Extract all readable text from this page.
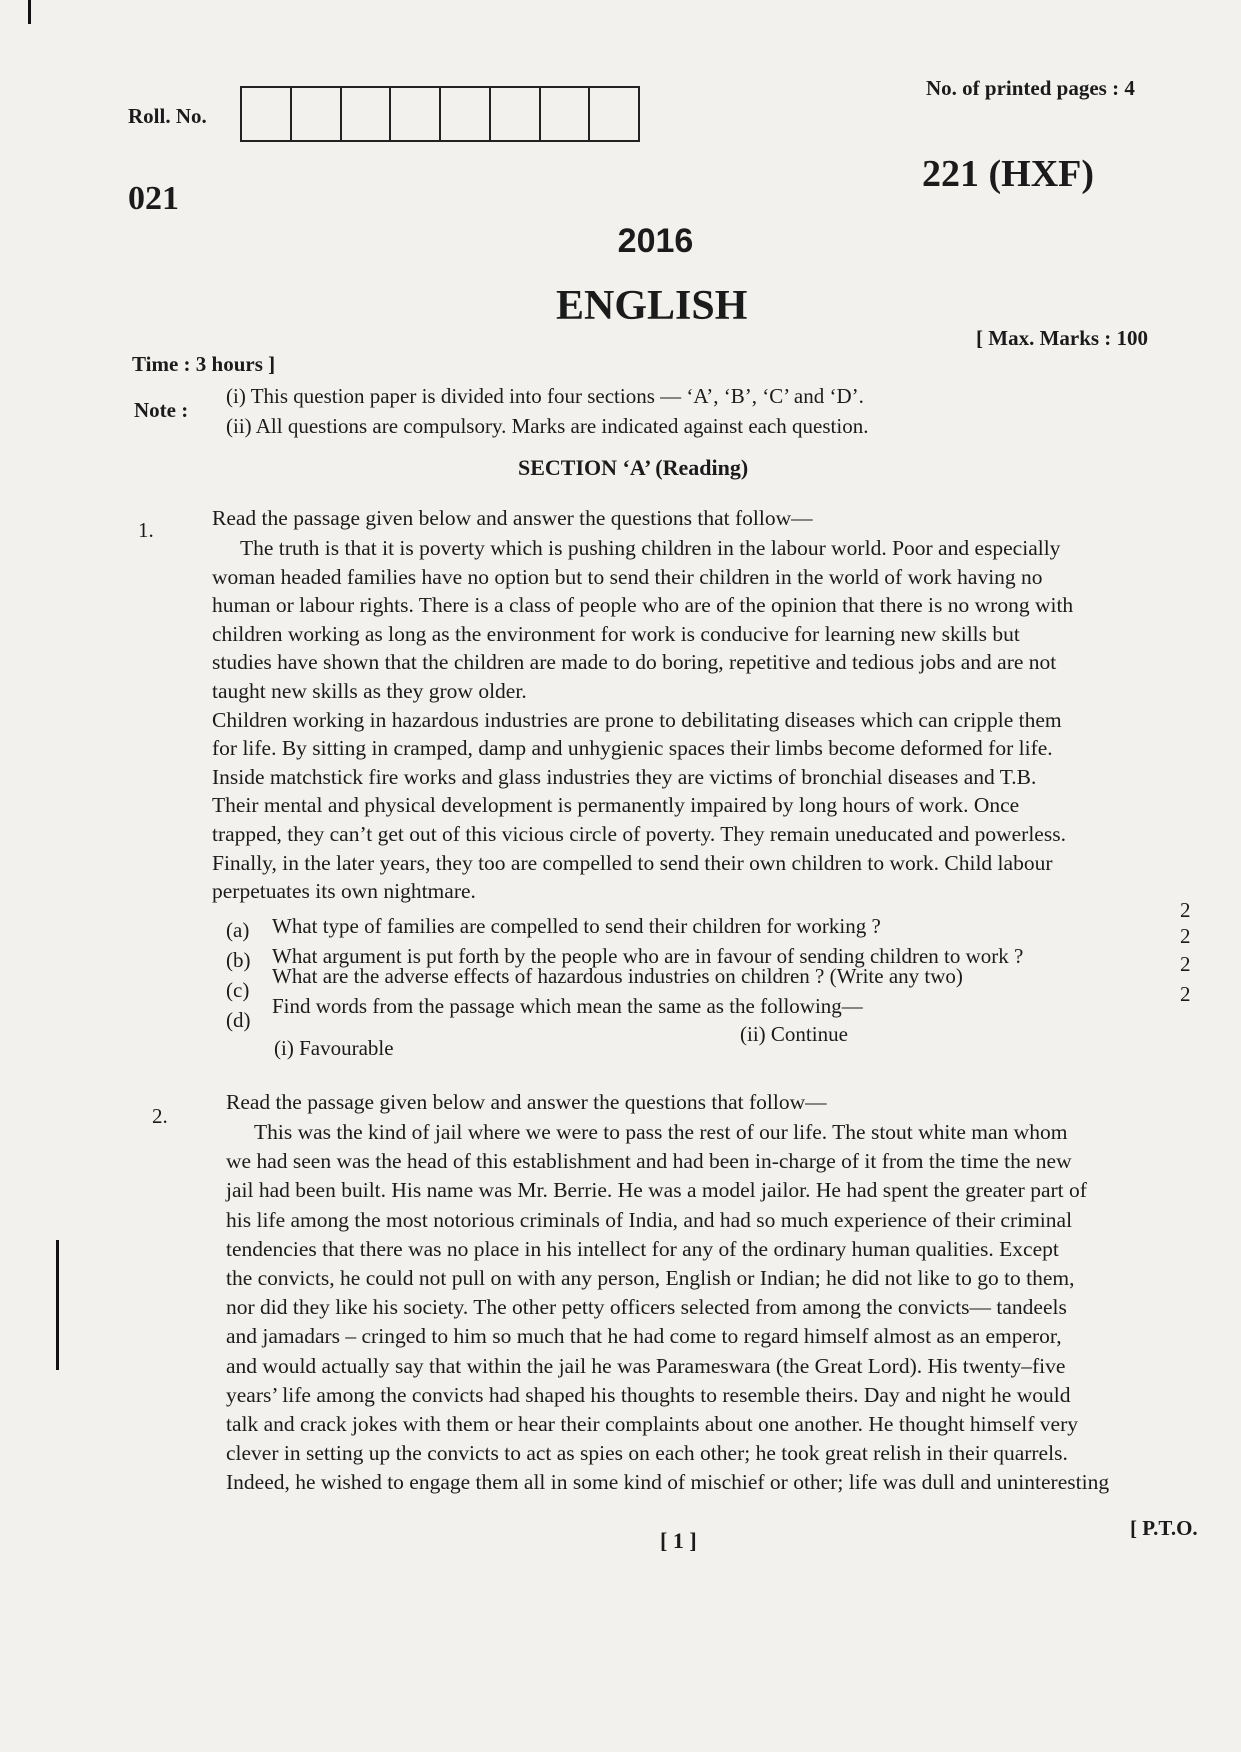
Roll. No.
No. of printed pages : 4
021
221 (HXF)
2016
ENGLISH
Time : 3 hours ]
[ Max. Marks : 100
Note :
(i) This question paper is divided into four sections — ‘A’, ‘B’, ‘C’ and ‘D’.
(ii) All questions are compulsory. Marks are indicated against each question.
SECTION ‘A’ (Reading)
1.	Read the passage given below and answer the questions that follow—
The truth is that it is poverty which is pushing children in the labour world. Poor and especially
woman headed families have no option but to send their children in the world of work having no
human or labour rights. There is a class of people who are of the opinion that there is no wrong with
children working as long as the environment for work is conducive for learning new skills but
studies have shown that the children are made to do boring, repetitive and tedious jobs and are not
taught new skills as they grow older.
Children working in hazardous industries are prone to debilitating diseases which can cripple them
for life. By sitting in cramped, damp and unhygienic spaces their limbs become deformed for life.
Inside matchstick fire works and glass industries they are victims of bronchial diseases and T.B.
Their mental and physical development is permanently impaired by long hours of work. Once
trapped, they can’t get out of this vicious circle of poverty. They remain uneducated and powerless.
Finally, in the later years, they too are compelled to send their own children to work. Child labour
perpetuates its own nightmare.
(a) What type of families are compelled to send their children for working ?
2
(b) What argument is put forth by the people who are in favour of sending children to work ?
2
(c)
What are the adverse effects of hazardous industries on children ? (Write any two)	2
(d)
Find words from the passage which mean the same as the following—	2
(i) Favourable
(ii) Continue
2.
Read the passage given below and answer the questions that follow—
This was the kind of jail where we were to pass the rest of our life. The stout white man whom
we had seen was the head of this establishment and had been in-charge of it from the time the new
jail had been built. His name was Mr. Berrie. He was a model jailor. He had spent the greater part of
his life among the most notorious criminals of India, and had so much experience of their criminal
tendencies that there was no place in his intellect for any of the ordinary human qualities. Except
the convicts, he could not pull on with any person, English or Indian; he did not like to go to them,
nor did they like his society. The other petty officers selected from among the convicts— tandeels
and jamadars – cringed to him so much that he had come to regard himself almost as an emperor,
and would actually say that within the jail he was Parameswara (the Great Lord). His twenty–five
years’ life among the convicts had shaped his thoughts to resemble theirs. Day and night he would
talk and crack jokes with them or hear their complaints about one another. He thought himself very
clever in setting up the convicts to act as spies on each other; he took great relish in their quarrels.
Indeed, he wished to engage them all in some kind of mischief or other; life was dull and uninteresting
[ 1 ]	[ P.T.O.
